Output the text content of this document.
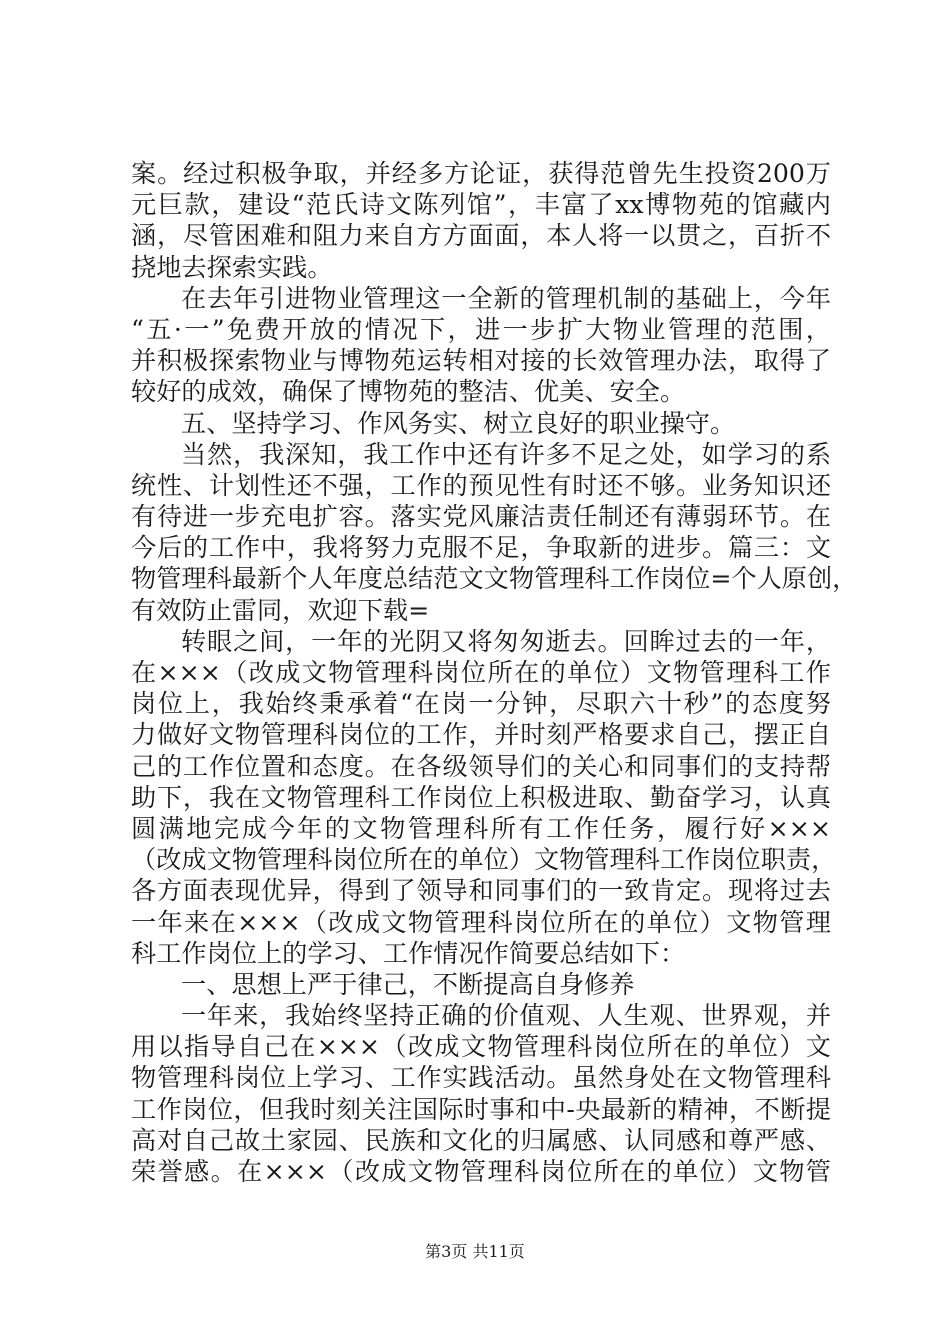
案。经过积极争取，并经多方论证，获得范曾先生投资200万
元巨款，建设“范氏诗文陈列馆”，丰富了xx博物苑的馆藏内
涵，尽管困难和阻力来自方方面面，本人将一以贯之，百折不
挠地去探索实践。
在去年引进物业管理这一全新的管理机制的基础上，今年
“五·一”免费开放的情况下，进一步扩大物业管理的范围，
并积极探索物业与博物苑运转相对接的长效管理办法，取得了
较好的成效，确保了博物苑的整洁、优美、安全。
五、坚持学习、作风务实、树立良好的职业操守。
当然，我深知，我工作中还有许多不足之处，如学习的系
统性、计划性还不强，工作的预见性有时还不够。业务知识还
有待进一步充电扩容。落实党风廉洁责任制还有薄弱环节。在
今后的工作中，我将努力克服不足，争取新的进步。篇三：文
物管理科最新个人年度总结范文文物管理科工作岗位=个人原创，
有效防止雷同，欢迎下载=
转眼之间，一年的光阴又将匆匆逝去。回眸过去的一年，
在×××（改成文物管理科岗位所在的单位）文物管理科工作
岗位上，我始终秉承着“在岗一分钟，尽职六十秒”的态度努
力做好文物管理科岗位的工作，并时刻严格要求自己，摆正自
己的工作位置和态度。在各级领导们的关心和同事们的支持帮
助下，我在文物管理科工作岗位上积极进取、勤奋学习，认真
圆满地完成今年的文物管理科所有工作任务，履行好×××
（改成文物管理科岗位所在的单位）文物管理科工作岗位职责，
各方面表现优异，得到了领导和同事们的一致肯定。现将过去
一年来在×××（改成文物管理科岗位所在的单位）文物管理
科工作岗位上的学习、工作情况作简要总结如下：
一、思想上严于律己，不断提高自身修养
一年来，我始终坚持正确的价值观、人生观、世界观，并
用以指导自己在×××（改成文物管理科岗位所在的单位）文
物管理科岗位上学习、工作实践活动。虽然身处在文物管理科
工作岗位，但我时刻关注国际时事和中-央最新的精神，不断提
高对自己故土家园、民族和文化的归属感、认同感和尊严感、
荣誉感。在×××（改成文物管理科岗位所在的单位）文物管
第3页 共11页
